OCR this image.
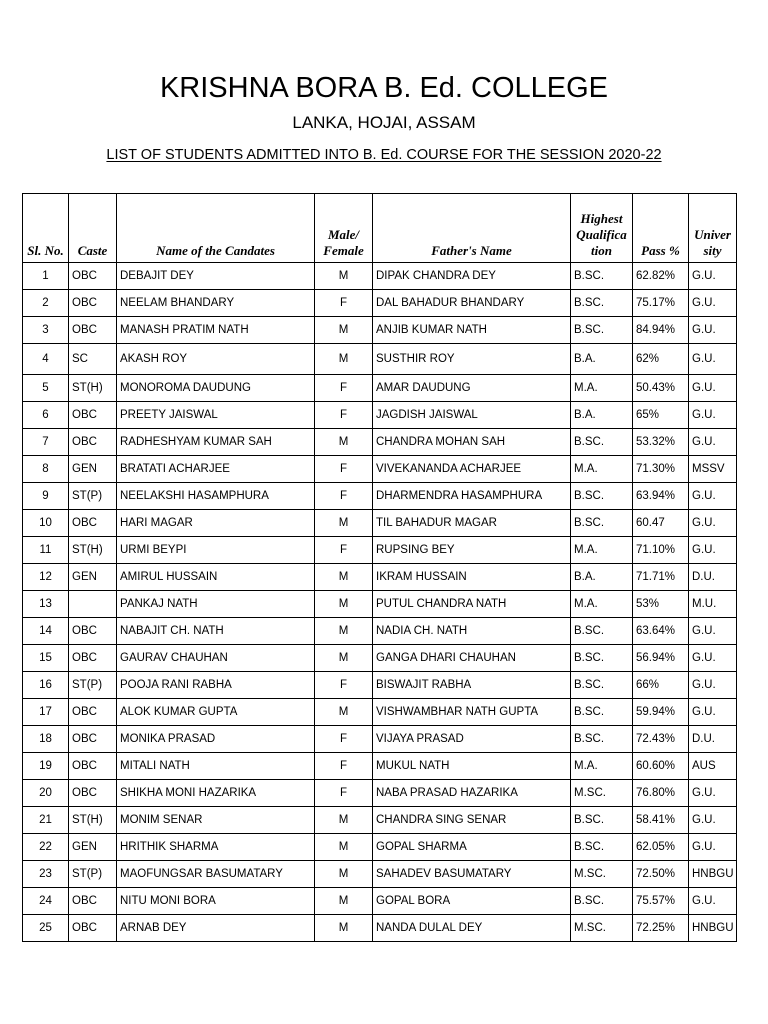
KRISHNA BORA B. Ed. COLLEGE
LANKA, HOJAI, ASSAM
LIST OF STUDENTS ADMITTED INTO B. Ed. COURSE FOR THE SESSION 2020-22
Sl. No.	Caste	Name of the Candates	Male/ Female	Father's Name	Highest Qualifica tion	Pass %	Univer sity
1	OBC	DEBAJIT DEY	M	DIPAK CHANDRA DEY	B.SC.	62.82%	G.U.
2	OBC	NEELAM BHANDARY	F	DAL BAHADUR BHANDARY	B.SC.	75.17%	G.U.
3	OBC	MANASH PRATIM NATH	M	ANJIB KUMAR NATH	B.SC.	84.94%	G.U.
4	SC	AKASH ROY	M	SUSTHIR ROY	B.A.	62%	G.U.
5	ST(H)	MONOROMA DAUDUNG	F	AMAR DAUDUNG	M.A.	50.43%	G.U.
6	OBC	PREETY JAISWAL	F	JAGDISH JAISWAL	B.A.	65%	G.U.
7	OBC	RADHESHYAM KUMAR SAH	M	CHANDRA MOHAN SAH	B.SC.	53.32%	G.U.
8	GEN	BRATATI ACHARJEE	F	VIVEKANANDA ACHARJEE	M.A.	71.30%	MSSV
9	ST(P)	NEELAKSHI HASAMPHURA	F	DHARMENDRA HASAMPHURA	B.SC.	63.94%	G.U.
10	OBC	HARI MAGAR	M	TIL BAHADUR MAGAR	B.SC.	60.47	G.U.
11	ST(H)	URMI BEYPI	F	RUPSING BEY	M.A.	71.10%	G.U.
12	GEN	AMIRUL HUSSAIN	M	IKRAM HUSSAIN	B.A.	71.71%	D.U.
13		PANKAJ NATH	M	PUTUL CHANDRA NATH	M.A.	53%	M.U.
14	OBC	NABAJIT CH. NATH	M	NADIA CH. NATH	B.SC.	63.64%	G.U.
15	OBC	GAURAV CHAUHAN	M	GANGA DHARI CHAUHAN	B.SC.	56.94%	G.U.
16	ST(P)	POOJA RANI RABHA	F	BISWAJIT RABHA	B.SC.	66%	G.U.
17	OBC	ALOK KUMAR GUPTA	M	VISHWAMBHAR NATH GUPTA	B.SC.	59.94%	G.U.
18	OBC	MONIKA PRASAD	F	VIJAYA PRASAD	B.SC.	72.43%	D.U.
19	OBC	MITALI NATH	F	MUKUL NATH	M.A.	60.60%	AUS
20	OBC	SHIKHA MONI HAZARIKA	F	NABA PRASAD HAZARIKA	M.SC.	76.80%	G.U.
21	ST(H)	MONIM SENAR	M	CHANDRA SING SENAR	B.SC.	58.41%	G.U.
22	GEN	HRITHIK SHARMA	M	GOPAL SHARMA	B.SC.	62.05%	G.U.
23	ST(P)	MAOFUNGSAR BASUMATARY	M	SAHADEV BASUMATARY	M.SC.	72.50%	HNBGU
24	OBC	NITU MONI BORA	M	GOPAL BORA	B.SC.	75.57%	G.U.
25	OBC	ARNAB DEY	M	NANDA DULAL DEY	M.SC.	72.25%	HNBGU
